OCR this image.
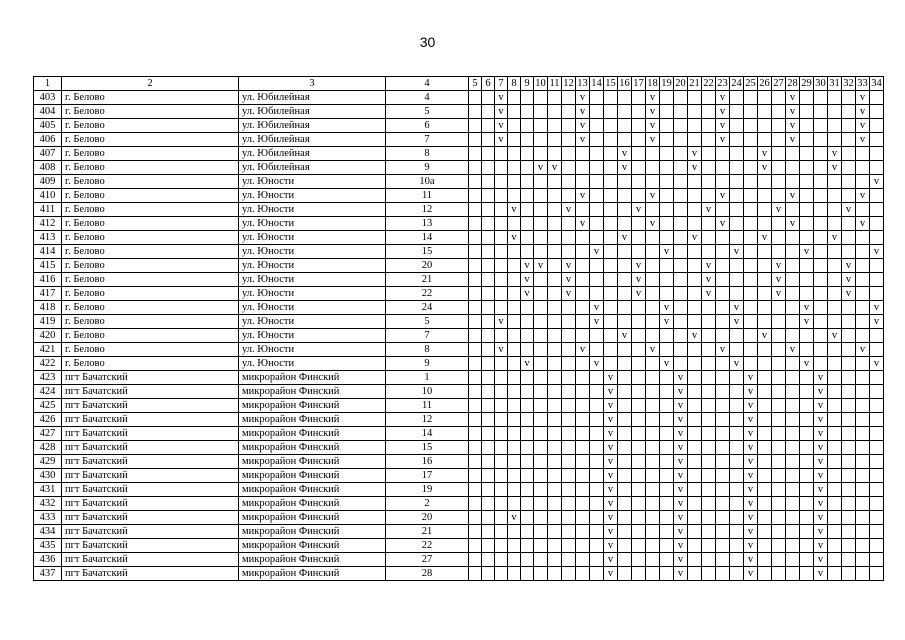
30
1	2	3	4	5	6	7	8	9	10	11	12	13	14	15	16	17	18	19	20	21	22	23	24	25	26	27	28	29	30	31	32	33	34
403	г. Белово	ул. Юбилейная	4			v						v					v					v					v					v	
404	г. Белово	ул. Юбилейная	5			v						v					v					v					v					v	
405	г. Белово	ул. Юбилейная	6			v						v					v					v					v					v	
406	г. Белово	ул. Юбилейная	7			v						v					v					v					v					v	
407	г. Белово	ул. Юбилейная	8												v					v					v					v			
408	г. Белово	ул. Юбилейная	9						v	v					v					v					v					v			
409	г. Белово	ул. Юности	10а																														v
410	г. Белово	ул. Юности	11									v					v					v					v					v	
411	г. Белово	ул. Юности	12				v				v					v					v					v					v		
412	г. Белово	ул. Юности	13									v					v					v					v					v	
413	г. Белово	ул. Юности	14				v								v					v					v					v			
414	г. Белово	ул. Юности	15										v					v					v					v					v
415	г. Белово	ул. Юности	20					v	v		v					v					v					v					v		
416	г. Белово	ул. Юности	21					v			v					v					v					v					v		
417	г. Белово	ул. Юности	22					v			v					v					v					v					v		
418	г. Белово	ул. Юности	24										v					v					v					v					v
419	г. Белово	ул. Юности	5			v							v					v					v					v					v
420	г. Белово	ул. Юности	7												v					v					v					v			
421	г. Белово	ул. Юности	8			v						v					v					v					v					v	
422	г. Белово	ул. Юности	9					v					v					v					v					v					v
423	пгт Бачатский	микрорайон Финский	1											v					v					v					v				
424	пгт Бачатский	микрорайон Финский	10											v					v					v					v				
425	пгт Бачатский	микрорайон Финский	11											v					v					v					v				
426	пгт Бачатский	микрорайон Финский	12											v					v					v					v				
427	пгт Бачатский	микрорайон Финский	14											v					v					v					v				
428	пгт Бачатский	микрорайон Финский	15											v					v					v					v				
429	пгт Бачатский	микрорайон Финский	16											v					v					v					v				
430	пгт Бачатский	микрорайон Финский	17											v					v					v					v				
431	пгт Бачатский	микрорайон Финский	19											v					v					v					v				
432	пгт Бачатский	микрорайон Финский	2											v					v					v					v				
433	пгт Бачатский	микрорайон Финский	20				v							v					v					v					v				
434	пгт Бачатский	микрорайон Финский	21											v					v					v					v				
435	пгт Бачатский	микрорайон Финский	22											v					v					v					v				
436	пгт Бачатский	микрорайон Финский	27											v					v					v					v				
437	пгт Бачатский	микрорайон Финский	28											v					v					v					v				
